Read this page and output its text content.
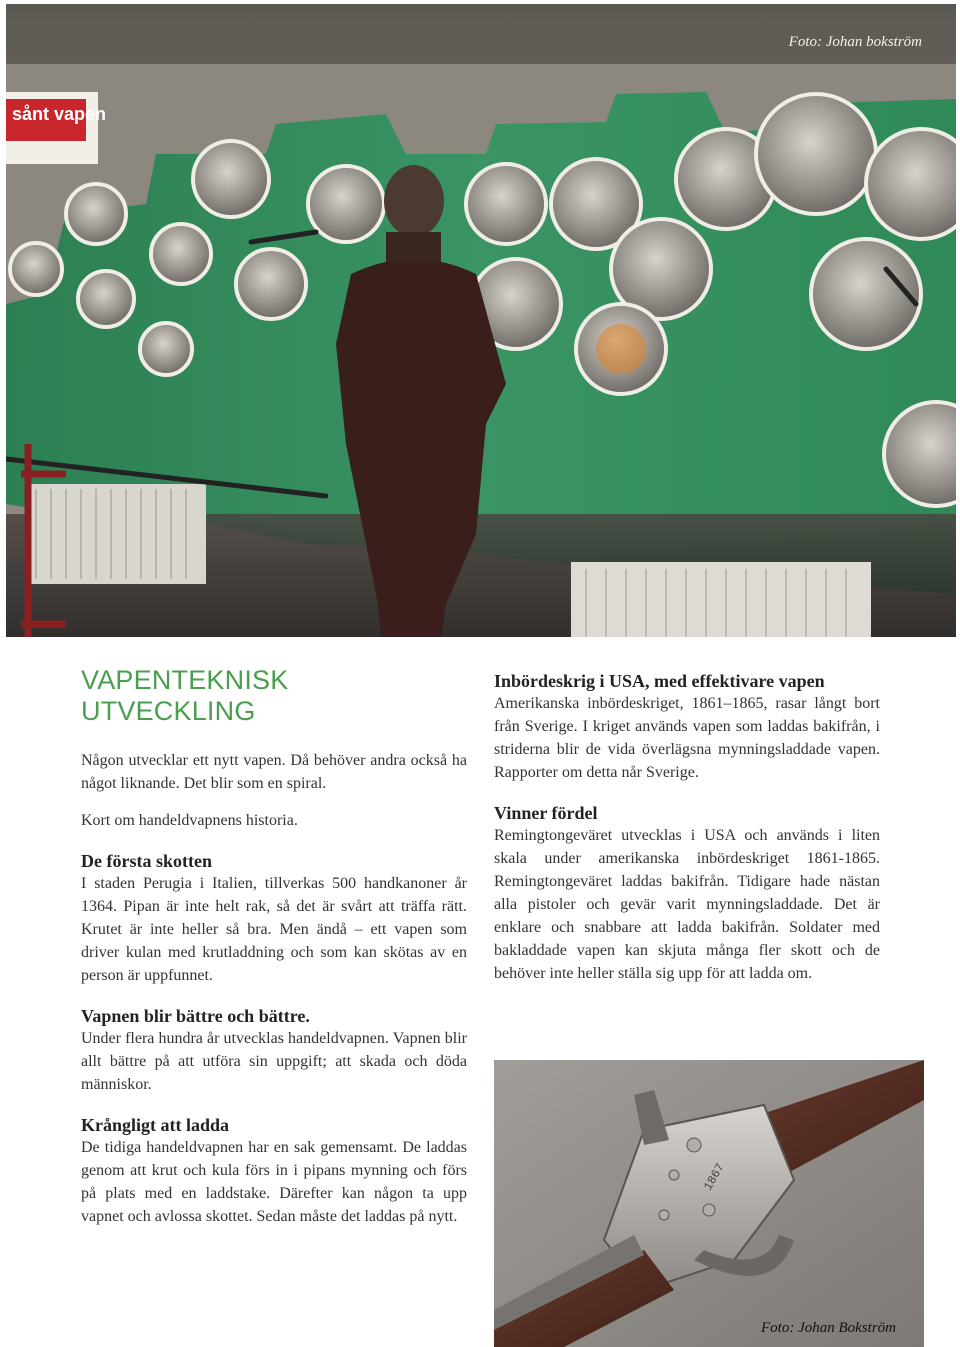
Foto: Johan bokström
sånt vapen
VAPENTEKNISK UTVECKLING

Någon utvecklar ett nytt vapen. Då behöver andra också ha något liknande. Det blir som en spiral.

Kort om handeldvapnens historia.

De första skotten

I staden Perugia i Italien, tillverkas 500 handkanoner år 1364. Pipan är inte helt rak, så det är svårt att träffa rätt. Krutet är inte heller så bra. Men ändå – ett vapen som driver kulan med krutladdning och som kan skötas av en person är uppfunnet.

Vapnen blir bättre och bättre.

Under flera hundra år utvecklas handeldvapnen. Vapnen blir allt bättre på att utföra sin uppgift; att skada och döda människor.

Krångligt att ladda

De tidiga handeldvapnen har en sak gemensamt. De laddas genom att krut och kula förs in i pipans mynning och förs på plats med en laddstake. Därefter kan någon ta upp vapnet och avlossa skottet. Sedan måste det laddas på nytt.

Inbördeskrig i USA, med effektivare vapen

Amerikanska inbördeskriget, 1861–1865, rasar långt bort från Sverige. I kriget används vapen som laddas bakifrån, i striderna blir de vida överlägsna mynningsladdade vapen. Rapporter om detta når Sverige.

Vinner fördel

Remingtongeväret utvecklas i USA och används i liten skala under amerikanska inbördeskriget 1861-1865. Remingtongeväret laddas bakifrån. Tidigare hade nästan alla pistoler och gevär varit mynningsladdade. Det är enklare och snabbare att ladda bakifrån. Soldater med bakladdade vapen kan skjuta många fler skott och de behöver inte heller ställa sig upp för att ladda om.

1867
Foto: Johan Bokström
